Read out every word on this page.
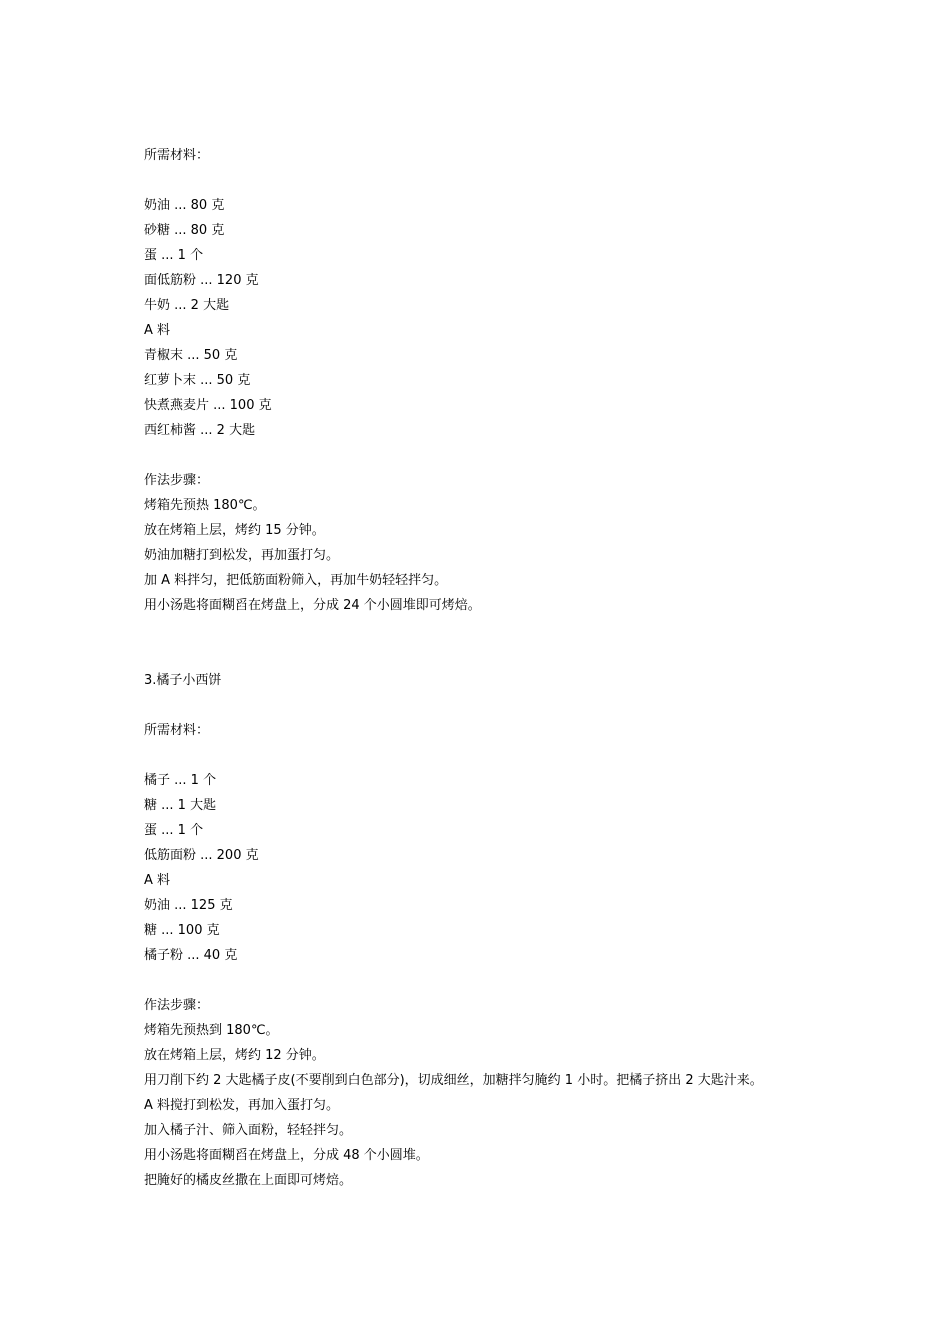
所需材料：
奶油 ... 80 克
砂糖 ... 80 克
蛋 ... 1 个
面低筋粉 ... 120 克
牛奶 ... 2 大匙
A 料
青椒末 ... 50 克
红萝卜末 ... 50 克
快煮燕麦片 ... 100 克
西红柿酱 ... 2 大匙
作法步骤：
烤箱先预热 180℃。
放在烤箱上层，烤约 15 分钟。
奶油加糖打到松发，再加蛋打匀。
加 A 料拌匀，把低筋面粉筛入，再加牛奶轻轻拌匀。
用小汤匙将面糊舀在烤盘上，分成 24 个小圆堆即可烤焙。
3.橘子小西饼
所需材料：
橘子 ... 1 个
糖 ... 1 大匙
蛋 ... 1 个
低筋面粉 ... 200 克
A 料
奶油 ... 125 克
糖 ... 100 克
橘子粉 ... 40 克
作法步骤：
烤箱先预热到 180℃。
放在烤箱上层，烤约 12 分钟。
用刀削下约 2 大匙橘子皮(不要削到白色部分)，切成细丝，加糖拌匀腌约 1 小时。把橘子挤出 2 大匙汁来。
A 料搅打到松发，再加入蛋打匀。
加入橘子汁、筛入面粉，轻轻拌匀。
用小汤匙将面糊舀在烤盘上，分成 48 个小圆堆。
把腌好的橘皮丝撒在上面即可烤焙。
